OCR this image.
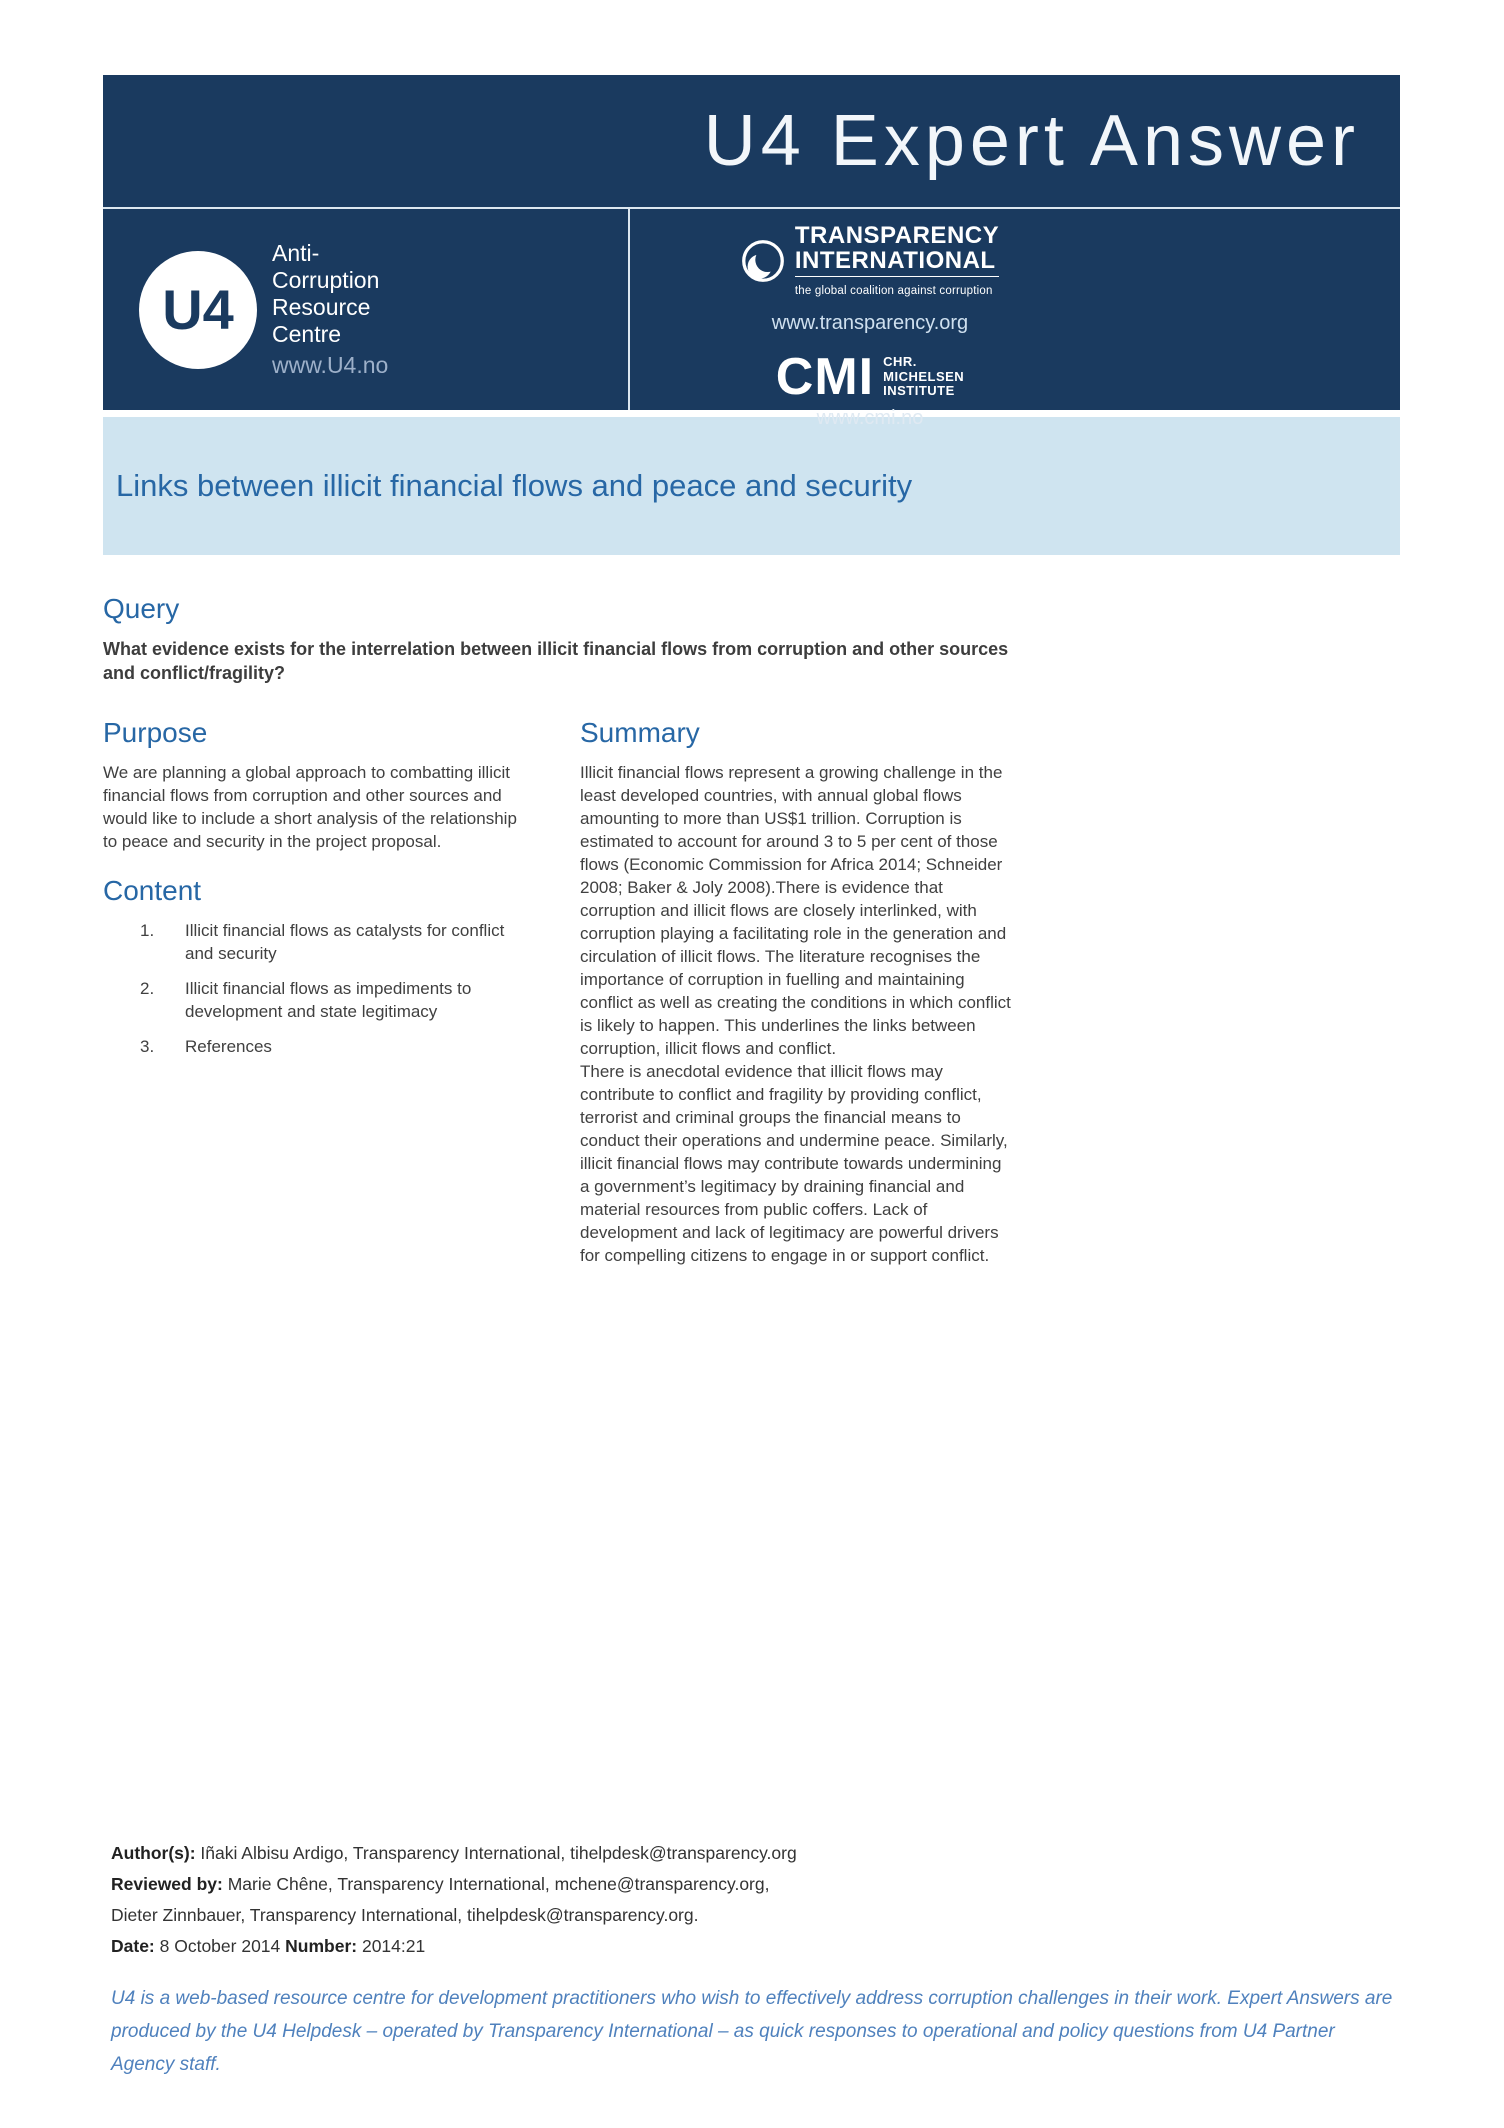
U4 Expert Answer
U4
Anti-
Corruption
Resource
Centre
www.U4.no
TRANSPARENCY
INTERNATIONAL
the global coalition against corruption
www.transparency.org
CMI CHR.
MICHELSEN
INSTITUTE
www.cmi.no
Links between illicit financial flows and peace and security
Query

What evidence exists for the interrelation between illicit financial flows from corruption and other sources and conflict/fragility?

Purpose

We are planning a global approach to combatting illicit financial flows from corruption and other sources and would like to include a short analysis of the relationship to peace and security in the project proposal.

Content
1.	Illicit financial flows as catalysts for conflict and security
2.	Illicit financial flows as impediments to development and state legitimacy
3.	References
Summary

Illicit financial flows represent a growing challenge in the least developed countries, with annual global flows amounting to more than US$1 trillion. Corruption is estimated to account for around 3 to 5 per cent of those flows (Economic Commission for Africa 2014; Schneider 2008; Baker & Joly 2008).There is evidence that corruption and illicit flows are closely interlinked, with corruption playing a facilitating role in the generation and circulation of illicit flows. The literature recognises the importance of corruption in fuelling and maintaining conflict as well as creating the conditions in which conflict is likely to happen. This underlines the links between corruption, illicit flows and conflict.

There is anecdotal evidence that illicit flows may contribute to conflict and fragility by providing conflict, terrorist and criminal groups the financial means to conduct their operations and undermine peace. Similarly, illicit financial flows may contribute towards undermining a government’s legitimacy by draining financial and material resources from public coffers. Lack of development and lack of legitimacy are powerful drivers for compelling citizens to engage in or support conflict.

Author(s): Iñaki Albisu Ardigo, Transparency International, tihelpdesk@transparency.org

Reviewed by: Marie Chêne, Transparency International, mchene@transparency.org,

Dieter Zinnbauer, Transparency International, tihelpdesk@transparency.org.

Date: 8 October 2014 Number: 2014:21

U4 is a web-based resource centre for development practitioners who wish to effectively address corruption challenges in their work. Expert Answers are produced by the U4 Helpdesk – operated by Transparency International – as quick responses to operational and policy questions from U4 Partner Agency staff.
